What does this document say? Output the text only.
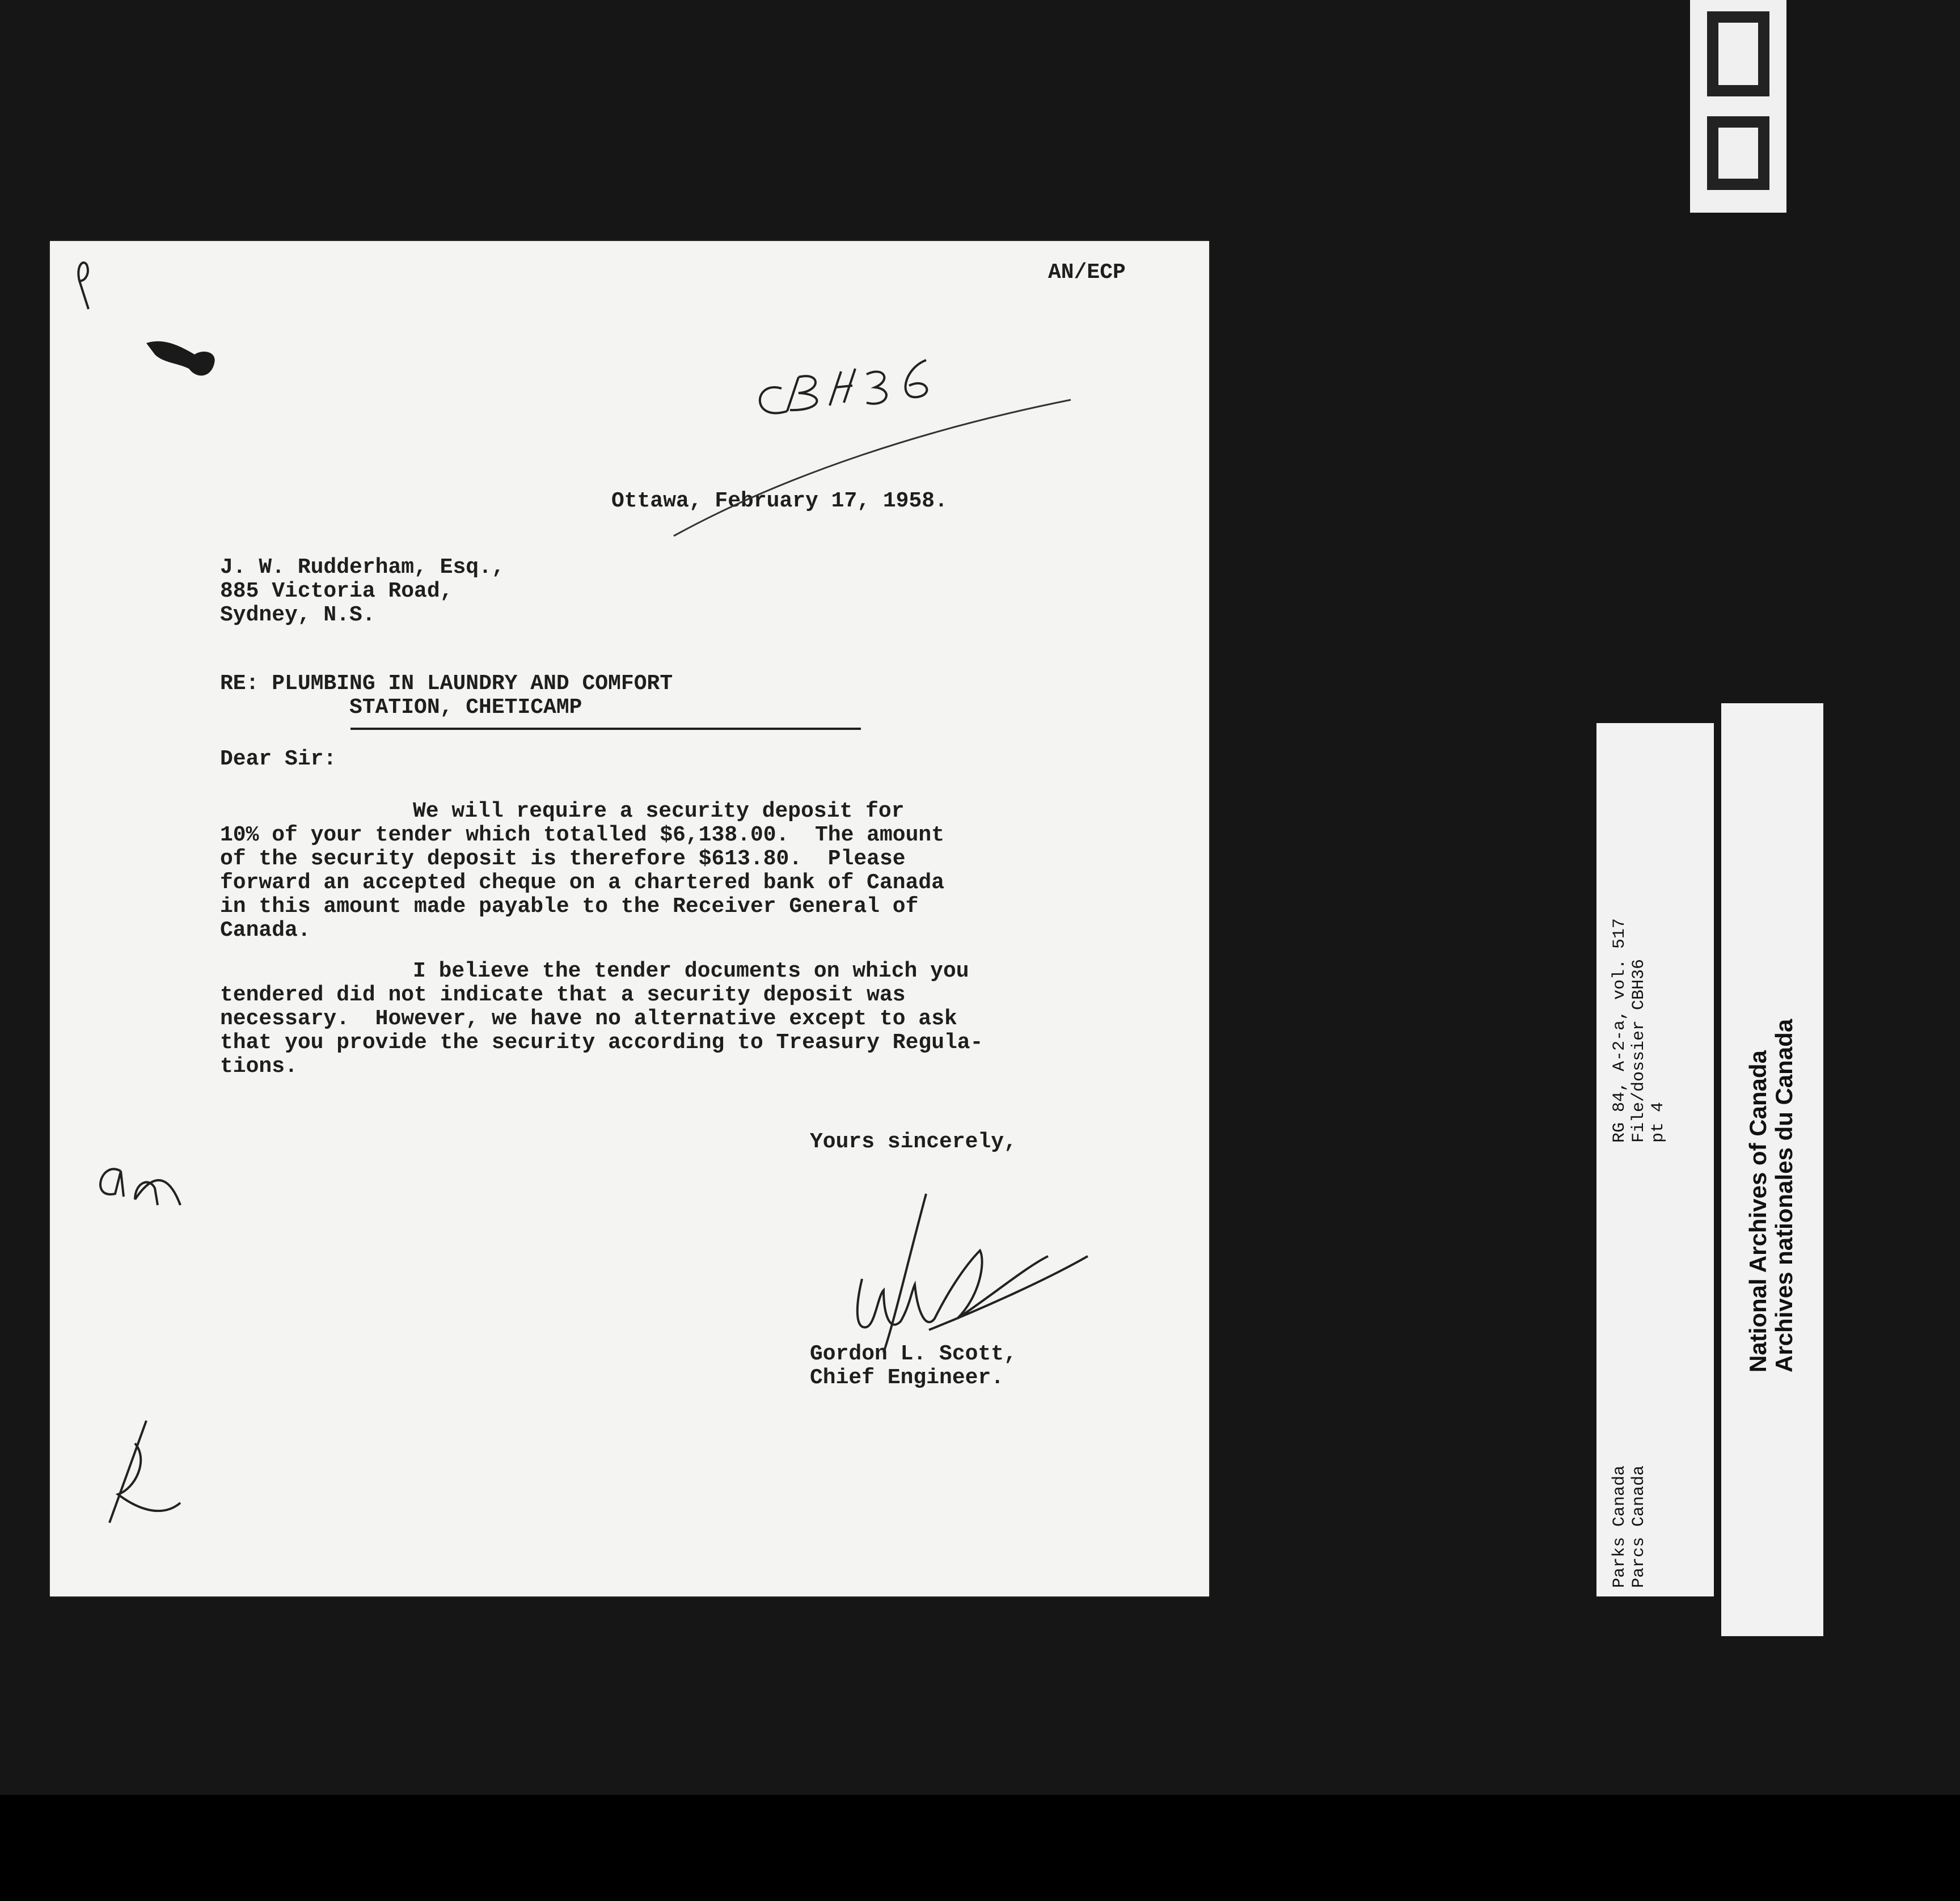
AN/ECP
Ottawa, February 17, 1958.
J. W. Rudderham, Esq.,
885 Victoria Road,
Sydney, N.S.
RE: PLUMBING IN LAUNDRY AND COMFORT
STATION, CHETICAMP
Dear Sir:
We will require a security deposit for
10% of your tender which totalled $6,138.00.  The amount
of the security deposit is therefore $613.80.  Please
forward an accepted cheque on a chartered bank of Canada
in this amount made payable to the Receiver General of
Canada.
I believe the tender documents on which you
tendered did not indicate that a security deposit was
necessary.  However, we have no alternative except to ask
that you provide the security according to Treasury Regula-
tions.
Yours sincerely,
Gordon L. Scott,
Chief Engineer.
RG 84, A-2-a, vol. 517 File/dossier CBH36 pt 4
Parks Canada Parcs Canada
National Archives of Canada Archives nationales du Canada
